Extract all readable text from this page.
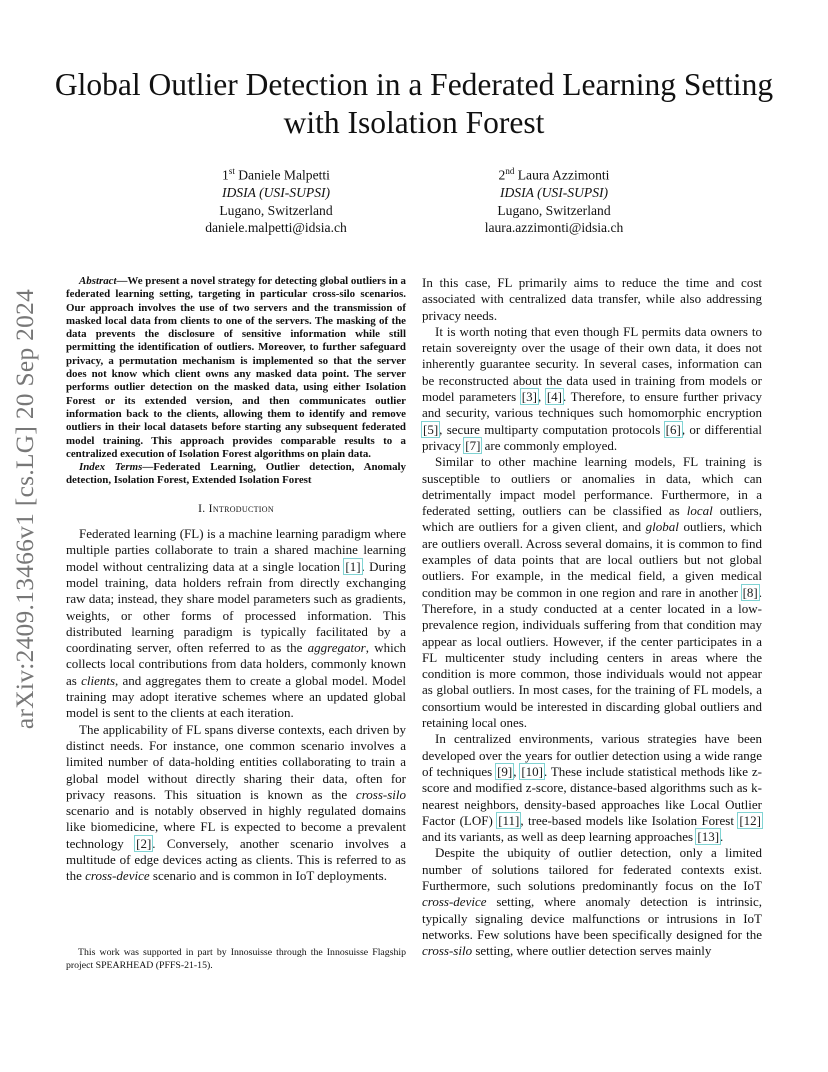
Global Outlier Detection in a Federated Learning Setting with Isolation Forest
1st Daniele Malpetti
IDSIA (USI-SUPSI)
Lugano, Switzerland
daniele.malpetti@idsia.ch
2nd Laura Azzimonti
IDSIA (USI-SUPSI)
Lugano, Switzerland
laura.azzimonti@idsia.ch
arXiv:2409.13466v1 [cs.LG] 20 Sep 2024

Abstract—We present a novel strategy for detecting global outliers in a federated learning setting, targeting in particular cross-silo scenarios. Our approach involves the use of two servers and the transmission of masked local data from clients to one of the servers. The masking of the data prevents the disclosure of sensitive information while still permitting the identification of outliers. Moreover, to further safeguard privacy, a permutation mechanism is implemented so that the server does not know which client owns any masked data point. The server performs outlier detection on the masked data, using either Isolation Forest or its extended version, and then communicates outlier information back to the clients, allowing them to identify and remove outliers in their local datasets before starting any subsequent federated model training. This approach provides comparable results to a centralized execution of Isolation Forest algorithms on plain data.

Index Terms—Federated Learning, Outlier detection, Anomaly detection, Isolation Forest, Extended Isolation Forest

I. Introduction

Federated learning (FL) is a machine learning paradigm where multiple parties collaborate to train a shared machine learning model without centralizing data at a single location [1]. During model training, data holders refrain from directly exchanging raw data; instead, they share model parameters such as gradients, weights, or other forms of processed information. This distributed learning paradigm is typically facilitated by a coordinating server, often referred to as the aggregator, which collects local contributions from data holders, commonly known as clients, and aggregates them to create a global model. Model training may adopt iterative schemes where an updated global model is sent to the clients at each iteration.

The applicability of FL spans diverse contexts, each driven by distinct needs. For instance, one common scenario involves a limited number of data-holding entities collaborating to train a global model without directly sharing their data, often for privacy reasons. This situation is known as the cross-silo scenario and is notably observed in highly regulated domains like biomedicine, where FL is expected to become a prevalent technology [2]. Conversely, another scenario involves a multitude of edge devices acting as clients. This is referred to as the cross-device scenario and is common in IoT deployments.

This work was supported in part by Innosuisse through the Innosuisse Flagship project SPEARHEAD (PFFS-21-15).

In this case, FL primarily aims to reduce the time and cost associated with centralized data transfer, while also addressing privacy needs.

It is worth noting that even though FL permits data owners to retain sovereignty over the usage of their own data, it does not inherently guarantee security. In several cases, information can be reconstructed about the data used in training from models or model parameters [3], [4]. Therefore, to ensure further privacy and security, various techniques such homomorphic encryption [5], secure multiparty computation protocols [6], or differential privacy [7] are commonly employed.

Similar to other machine learning models, FL training is susceptible to outliers or anomalies in data, which can detrimentally impact model performance. Furthermore, in a federated setting, outliers can be classified as local outliers, which are outliers for a given client, and global outliers, which are outliers overall. Across several domains, it is common to find examples of data points that are local outliers but not global outliers. For example, in the medical field, a given medical condition may be common in one region and rare in another [8]. Therefore, in a study conducted at a center located in a low-prevalence region, individuals suffering from that condition may appear as local outliers. However, if the center participates in a FL multicenter study including centers in areas where the condition is more common, those individuals would not appear as global outliers. In most cases, for the training of FL models, a consortium would be interested in discarding global outliers and retaining local ones.

In centralized environments, various strategies have been developed over the years for outlier detection using a wide range of techniques [9], [10]. These include statistical methods like z-score and modified z-score, distance-based algorithms such as k-nearest neighbors, density-based approaches like Local Outlier Factor (LOF) [11], tree-based models like Isolation Forest [12] and its variants, as well as deep learning approaches [13].

Despite the ubiquity of outlier detection, only a limited number of solutions tailored for federated contexts exist. Furthermore, such solutions predominantly focus on the IoT cross-device setting, where anomaly detection is intrinsic, typically signaling device malfunctions or intrusions in IoT networks. Few solutions have been specifically designed for the cross-silo setting, where outlier detection serves mainly
